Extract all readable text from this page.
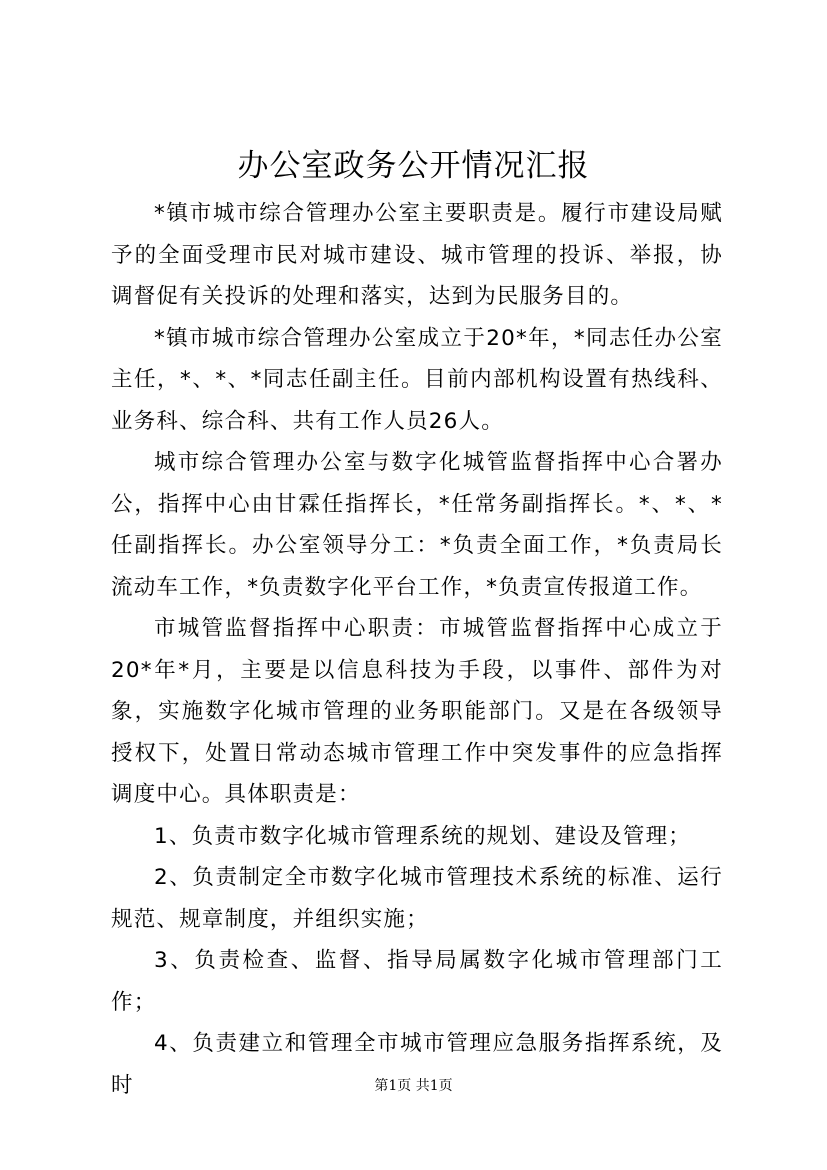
办公室政务公开情况汇报

*镇市城市综合管理办公室主要职责是。履行市建设局赋予的全面受理市民对城市建设、城市管理的投诉、举报，协调督促有关投诉的处理和落实，达到为民服务目的。

*镇市城市综合管理办公室成立于20*年，*同志任办公室主任，*、*、*同志任副主任。目前内部机构设置有热线科、业务科、综合科、共有工作人员26人。

城市综合管理办公室与数字化城管监督指挥中心合署办公，指挥中心由甘霖任指挥长，*任常务副指挥长。*、*、*任副指挥长。办公室领导分工：*负责全面工作，*负责局长流动车工作，*负责数字化平台工作，*负责宣传报道工作。

市城管监督指挥中心职责：市城管监督指挥中心成立于20*年*月，主要是以信息科技为手段，以事件、部件为对象，实施数字化城市管理的业务职能部门。又是在各级领导授权下，处置日常动态城市管理工作中突发事件的应急指挥调度中心。具体职责是：

1、负责市数字化城市管理系统的规划、建设及管理；

2、负责制定全市数字化城市管理技术系统的标准、运行规范、规章制度，并组织实施；

3、负责检查、监督、指导局属数字化城市管理部门工作；

4、负责建立和管理全市城市管理应急服务指挥系统，及时	第1页 共1页
